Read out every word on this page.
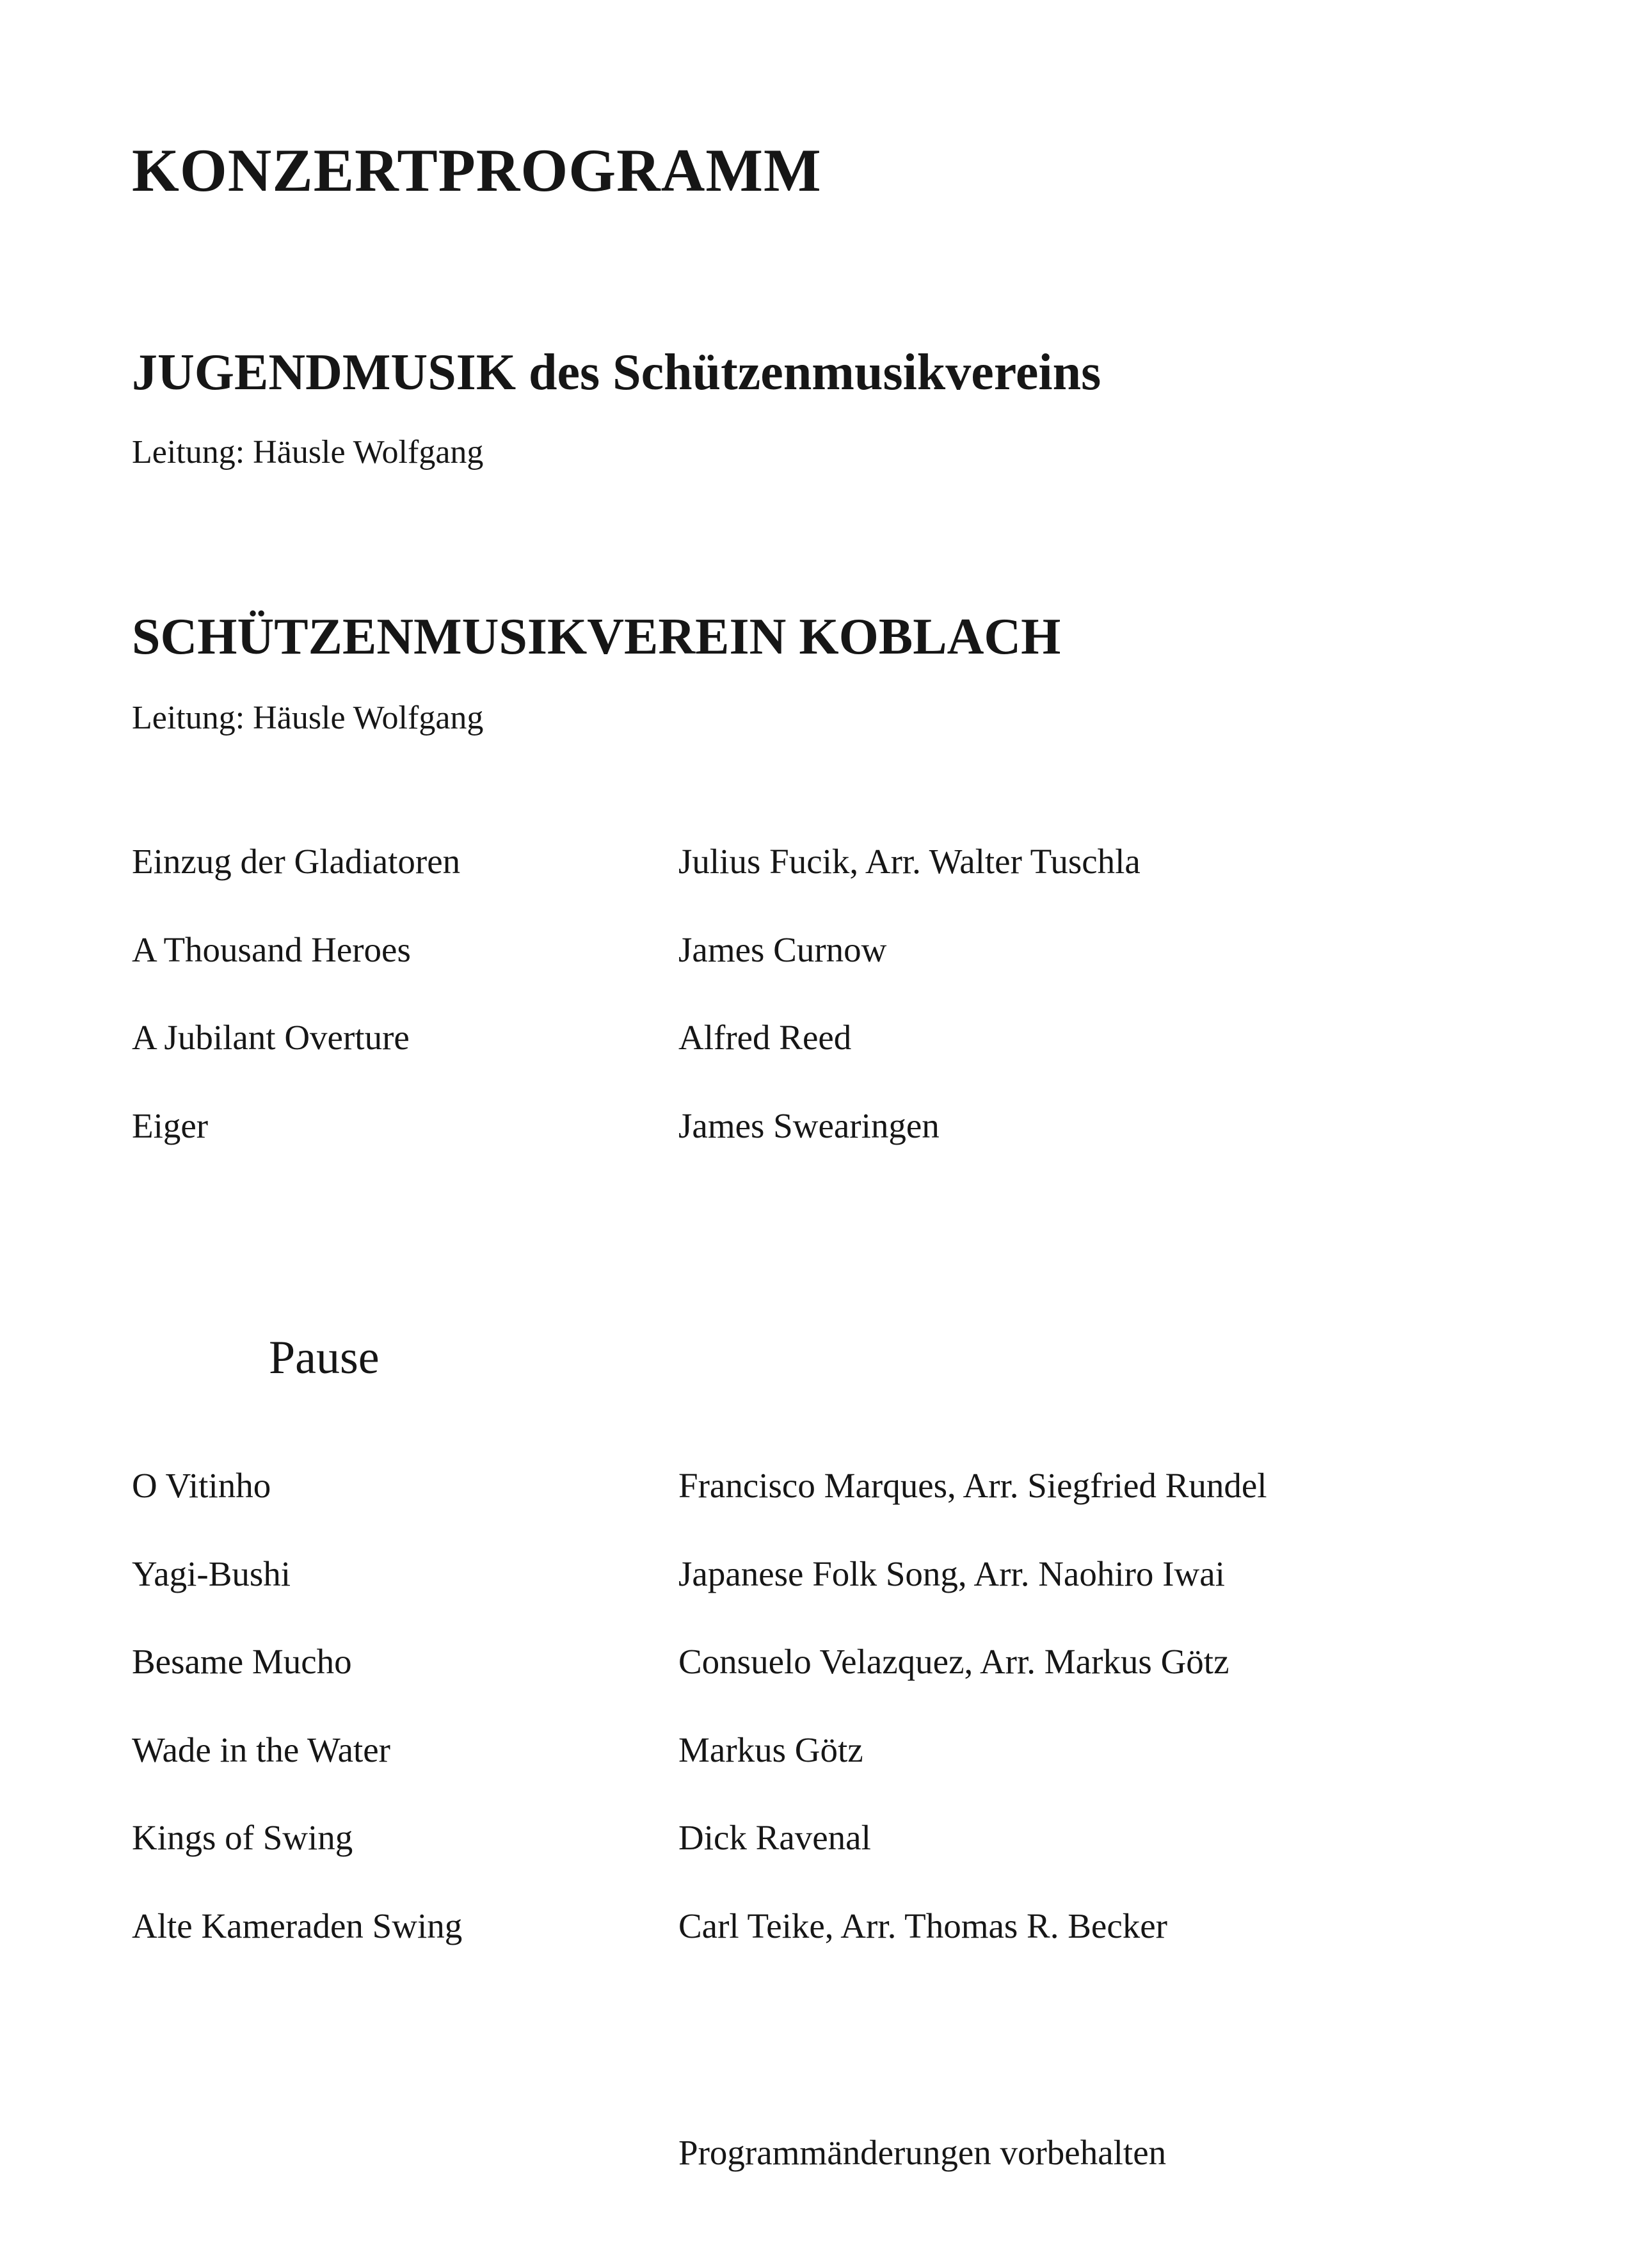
KONZERTPROGRAMM
JUGENDMUSIK des Schützenmusikvereins

Leitung: Häusle Wolfgang

SCHÜTZENMUSIKVEREIN KOBLACH

Leitung: Häusle Wolfgang

Einzug der Gladiatoren	Julius Fucik, Arr. Walter Tuschla
A Thousand Heroes	James Curnow
A Jubilant Overture	Alfred Reed
Eiger	James Swearingen

Pause

O Vitinho	Francisco Marques, Arr. Siegfried Rundel
Yagi-Bushi	Japanese Folk Song, Arr. Naohiro Iwai
Besame Mucho	Consuelo Velazquez, Arr. Markus Götz
Wade in the Water	Markus Götz
Kings of Swing	Dick Ravenal
Alte Kameraden Swing	Carl Teike, Arr. Thomas R. Becker

Programmänderungen vorbehalten
